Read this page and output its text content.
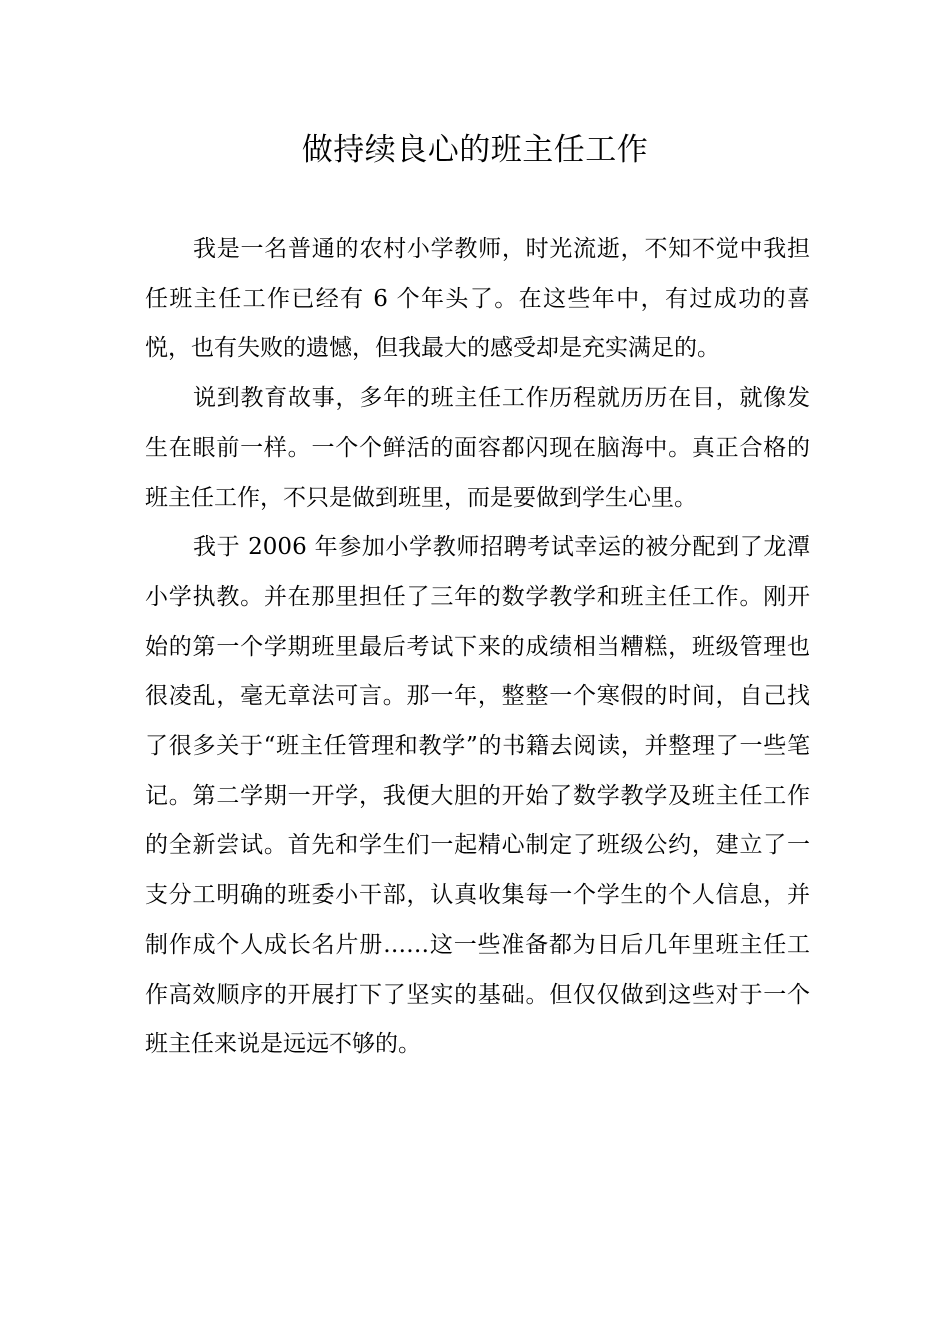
做持续良心的班主任工作

我是一名普通的农村小学教师，时光流逝，不知不觉中我担任班主任工作已经有 6 个年头了。在这些年中，有过成功的喜悦，也有失败的遗憾，但我最大的感受却是充实满足的。

说到教育故事，多年的班主任工作历程就历历在目，就像发生在眼前一样。一个个鲜活的面容都闪现在脑海中。真正合格的班主任工作，不只是做到班里，而是要做到学生心里。

我于 2006 年参加小学教师招聘考试幸运的被分配到了龙潭小学执教。并在那里担任了三年的数学教学和班主任工作。刚开始的第一个学期班里最后考试下来的成绩相当糟糕，班级管理也很凌乱，毫无章法可言。那一年，整整一个寒假的时间，自己找了很多关于“班主任管理和教学”的书籍去阅读，并整理了一些笔记。第二学期一开学，我便大胆的开始了数学教学及班主任工作的全新尝试。首先和学生们一起精心制定了班级公约，建立了一支分工明确的班委小干部，认真收集每一个学生的个人信息，并制作成个人成长名片册……这一些准备都为日后几年里班主任工作高效顺序的开展打下了坚实的基础。但仅仅做到这些对于一个班主任来说是远远不够的。
